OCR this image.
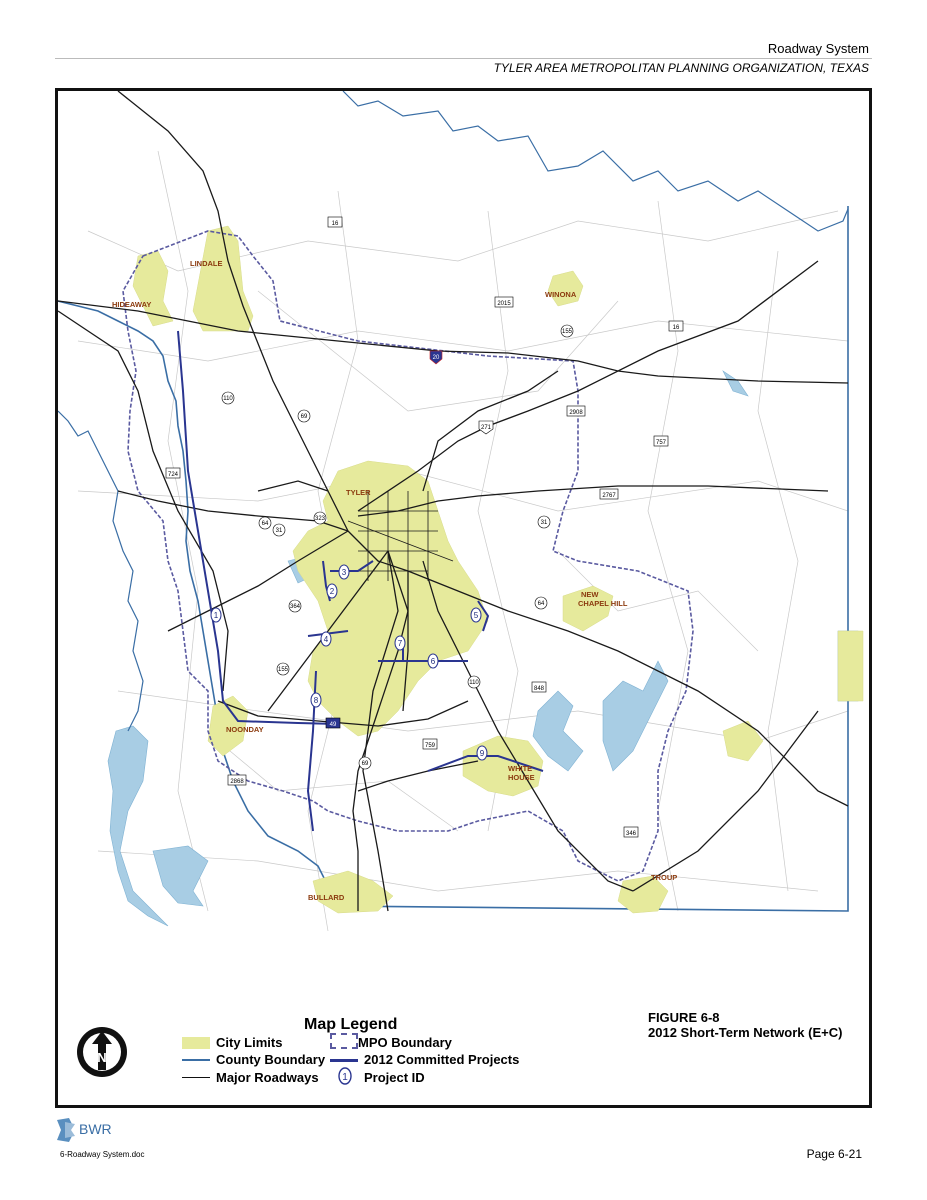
Roadway System
TYLER AREA METROPOLITAN PLANNING ORGANIZATION, TEXAS
LINDALE
HIDEAWAY
WINONA
TYLER
NEW
CHAPEL HILL
NOONDAY
WHITE
HOUSE
BULLARD
TROUP
16
2015
155
16
20
69
110
2908
271
757
724
2767
64
323
31
31
64
364
155
110
848
49
759
69
2868
346
1
2
3
4
5
6
7
8
9
N
Map Legend
City Limits	MPO Boundary
County Boundary	2012 Committed Projects
Major Roadways 1 Project ID
FIGURE 6-8
2012 Short-Term Network (E+C)
BWR
6-Roadway System.doc	Page 6-21
